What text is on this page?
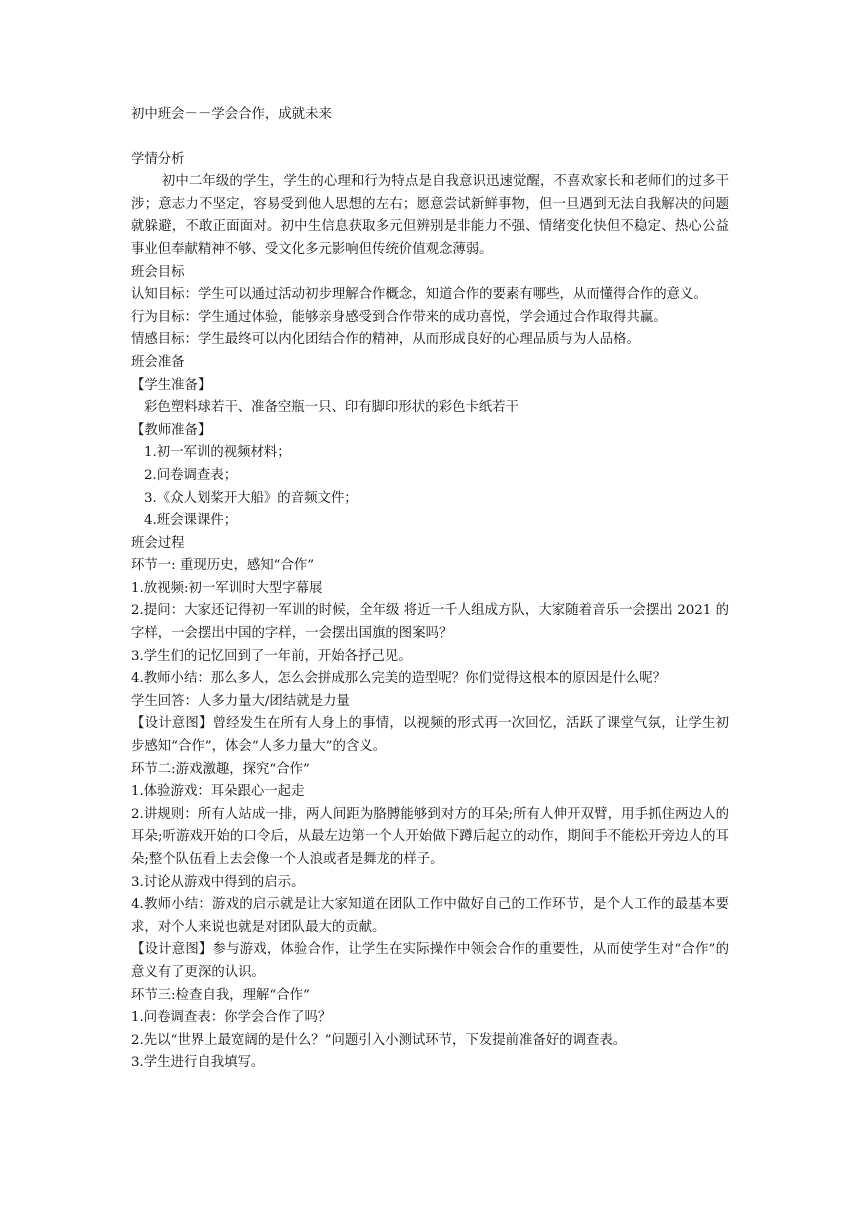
初中班会－－学会合作，成就未来
学情分析
初中二年级的学生，学生的心理和行为特点是自我意识迅速觉醒，不喜欢家长和老师们的过多干涉；意志力不坚定，容易受到他人思想的左右；愿意尝试新鲜事物，但一旦遇到无法自我解决的问题就躲避，不敢正面面对。初中生信息获取多元但辨别是非能力不强、情绪变化快但不稳定、热心公益事业但奉献精神不够、受文化多元影响但传统价值观念薄弱。
班会目标
认知目标：学生可以通过活动初步理解合作概念，知道合作的要素有哪些，从而懂得合作的意义。
行为目标：学生通过体验，能够亲身感受到合作带来的成功喜悦，学会通过合作取得共赢。
情感目标：学生最终可以内化团结合作的精神，从而形成良好的心理品质与为人品格。
班会准备
【学生准备】
彩色塑料球若干、准备空瓶一只、印有脚印形状的彩色卡纸若干
【教师准备】
1.初一军训的视频材料；
2.问卷调查表；
3.《众人划桨开大船》的音频文件；
4.班会课课件；
班会过程
环节一: 重现历史，感知“合作”
1.放视频:初一军训时大型字幕展
2.提问：大家还记得初一军训的时候，全年级 将近一千人组成方队，大家随着音乐一会摆出 2021 的字样，一会摆出中国的字样，一会摆出国旗的图案吗？
3.学生们的记忆回到了一年前，开始各抒己见。
4.教师小结：那么多人，怎么会拼成那么完美的造型呢？你们觉得这根本的原因是什么呢？
学生回答：人多力量大/团结就是力量
【设计意图】曾经发生在所有人身上的事情，以视频的形式再一次回忆，活跃了课堂气氛，让学生初步感知“合作”，体会“人多力量大”的含义。
环节二:游戏激趣，探究“合作”
1.体验游戏：耳朵跟心一起走
2.讲规则：所有人站成一排，两人间距为胳膊能够到对方的耳朵;所有人伸开双臂，用手抓住两边人的耳朵;听游戏开始的口令后，从最左边第一个人开始做下蹲后起立的动作，期间手不能松开旁边人的耳朵;整个队伍看上去会像一个人浪或者是舞龙的样子。
3.讨论从游戏中得到的启示。
4.教师小结：游戏的启示就是让大家知道在团队工作中做好自己的工作环节，是个人工作的最基本要求，对个人来说也就是对团队最大的贡献。
【设计意图】参与游戏，体验合作，让学生在实际操作中领会合作的重要性，从而使学生对“合作”的意义有了更深的认识。
环节三:检查自我，理解“合作”
1.问卷调查表：你学会合作了吗？
2.先以“世界上最宽阔的是什么？”问题引入小测试环节，下发提前准备好的调查表。
3.学生进行自我填写。
